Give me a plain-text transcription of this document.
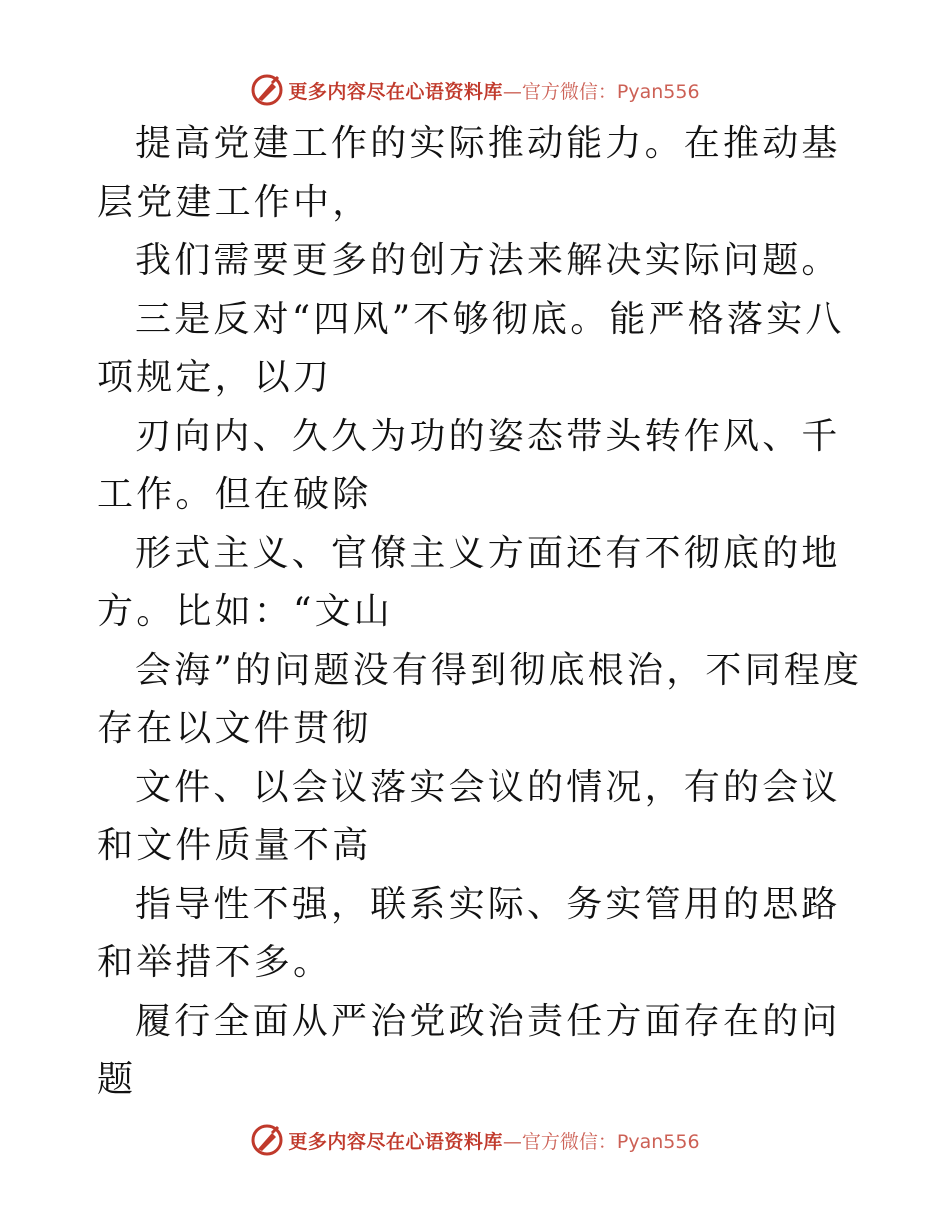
更多内容尽在心语资料库 —官方微信：Pyan556

提高党建工作的实际推动能力。在推动基层党建工作中，

我们需要更多的创方法来解决实际问题。

三是反对“四风”不够彻底。能严格落实八项规定，以刀

刃向内、久久为功的姿态带头转作风、千工作。但在破除

形式主义、官僚主义方面还有不彻底的地方。比如：“文山

会海”的问题没有得到彻底根治，不同程度存在以文件贯彻

文件、以会议落实会议的情况，有的会议和文件质量不高

指导性不强，联系实际、务实管用的思路和举措不多。

履行全面从严治党政治责任方面存在的问题

更多内容尽在心语资料库 —官方微信：Pyan556
